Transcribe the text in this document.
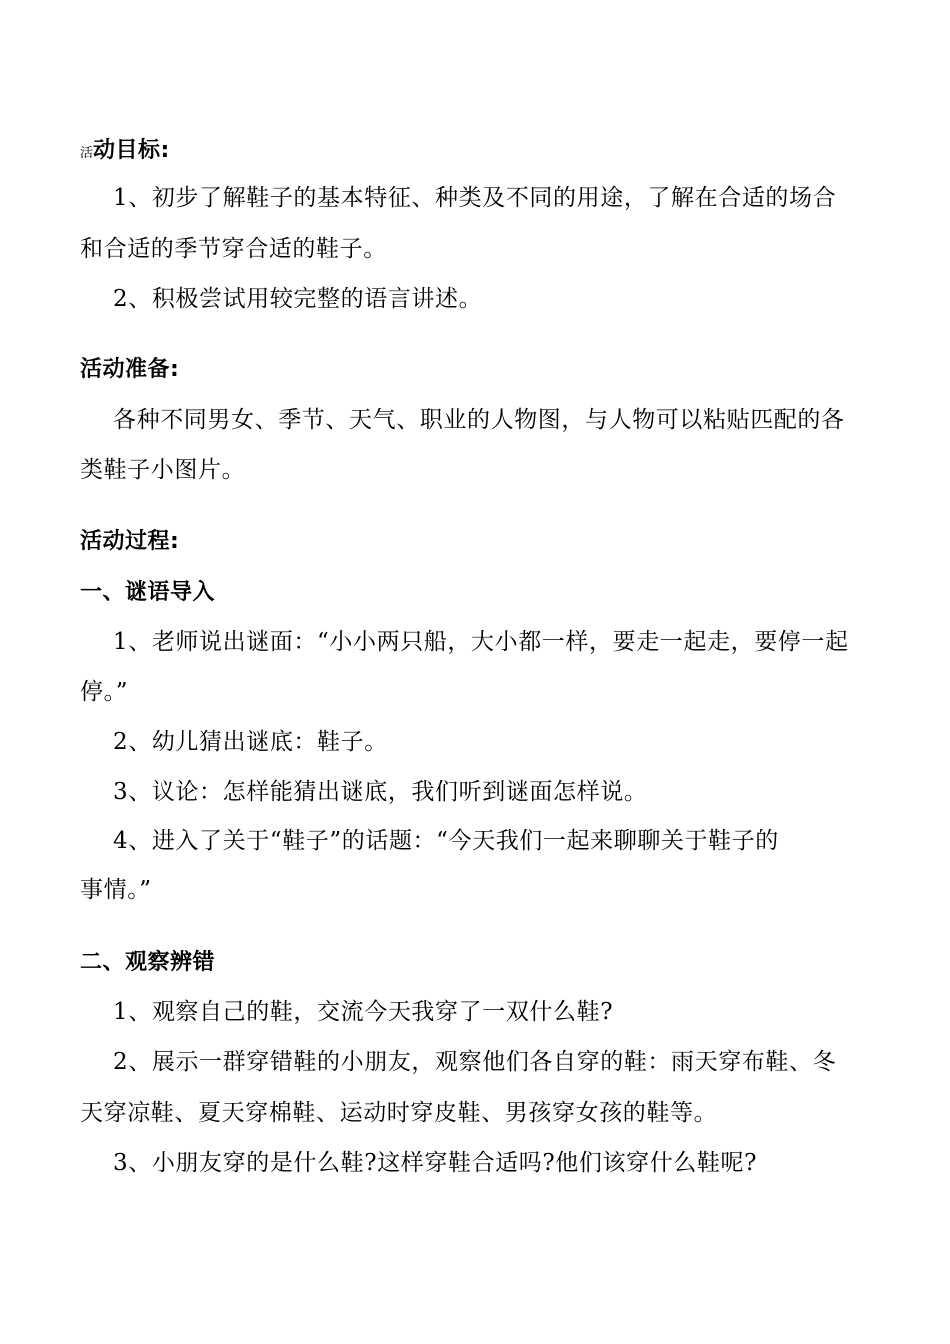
活动目标:
1、初步了解鞋子的基本特征、种类及不同的用途，了解在合适的场合
和合适的季节穿合适的鞋子。
2、积极尝试用较完整的语言讲述。
活动准备:
各种不同男女、季节、天气、职业的人物图，与人物可以粘贴匹配的各
类鞋子小图片。
活动过程:
一、谜语导入
1、老师说出谜面：“小小两只船，大小都一样，要走一起走，要停一起
停。”
2、幼儿猜出谜底：鞋子。
3、议论：怎样能猜出谜底，我们听到谜面怎样说。
4、进入了关于“鞋子”的话题：“今天我们一起来聊聊关于鞋子的
事情。”
二、观察辨错
1、观察自己的鞋，交流今天我穿了一双什么鞋?
2、展示一群穿错鞋的小朋友，观察他们各自穿的鞋：雨天穿布鞋、冬
天穿凉鞋、夏天穿棉鞋、运动时穿皮鞋、男孩穿女孩的鞋等。
3、小朋友穿的是什么鞋?这样穿鞋合适吗?他们该穿什么鞋呢?
